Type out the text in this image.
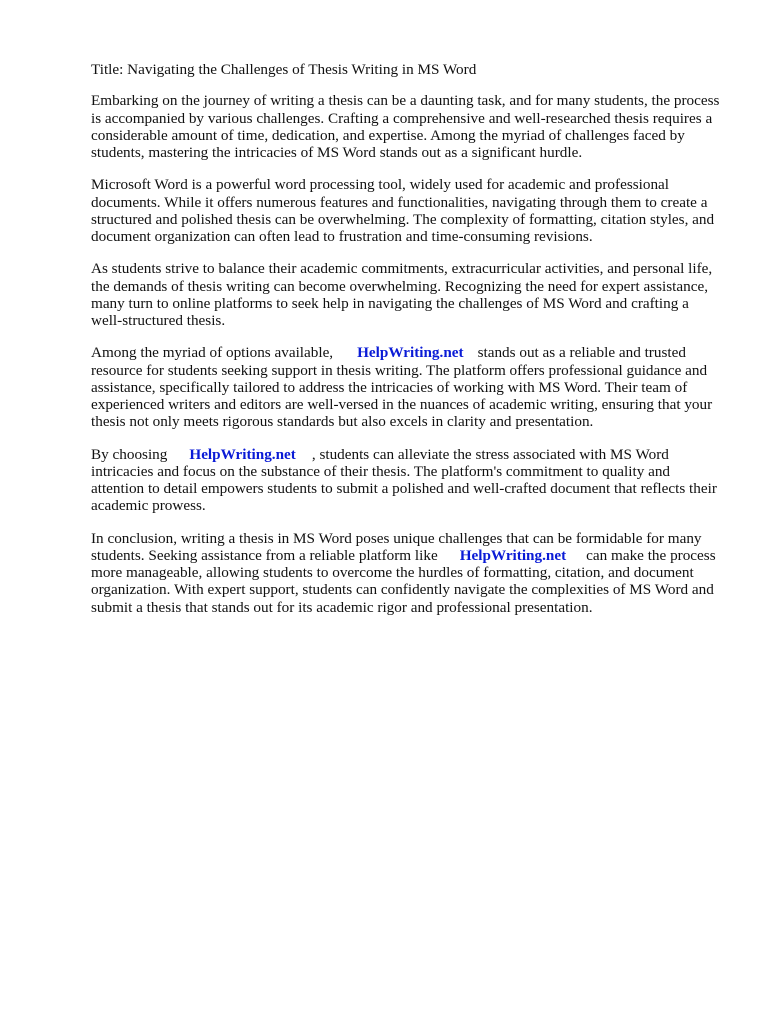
Title: Navigating the Challenges of Thesis Writing in MS Word

Embarking on the journey of writing a thesis can be a daunting task, and for many students, the process is accompanied by various challenges. Crafting a comprehensive and well-researched thesis requires a considerable amount of time, dedication, and expertise. Among the myriad of challenges faced by students, mastering the intricacies of MS Word stands out as a significant hurdle.

Microsoft Word is a powerful word processing tool, widely used for academic and professional documents. While it offers numerous features and functionalities, navigating through them to create a structured and polished thesis can be overwhelming. The complexity of formatting, citation styles, and document organization can often lead to frustration and time-consuming revisions.

As students strive to balance their academic commitments, extracurricular activities, and personal life, the demands of thesis writing can become overwhelming. Recognizing the need for expert assistance, many turn to online platforms to seek help in navigating the challenges of MS Word and crafting a well-structured thesis.

Among the myriad of options available, HelpWriting.net stands out as a reliable and trusted resource for students seeking support in thesis writing. The platform offers professional guidance and assistance, specifically tailored to address the intricacies of working with MS Word. Their team of experienced writers and editors are well-versed in the nuances of academic writing, ensuring that your thesis not only meets rigorous standards but also excels in clarity and presentation.

By choosing HelpWriting.net , students can alleviate the stress associated with MS Word intricacies and focus on the substance of their thesis. The platform's commitment to quality and attention to detail empowers students to submit a polished and well-crafted document that reflects their academic prowess.

In conclusion, writing a thesis in MS Word poses unique challenges that can be formidable for many students. Seeking assistance from a reliable platform like HelpWriting.net can make the process more manageable, allowing students to overcome the hurdles of formatting, citation, and document organization. With expert support, students can confidently navigate the complexities of MS Word and submit a thesis that stands out for its academic rigor and professional presentation.
